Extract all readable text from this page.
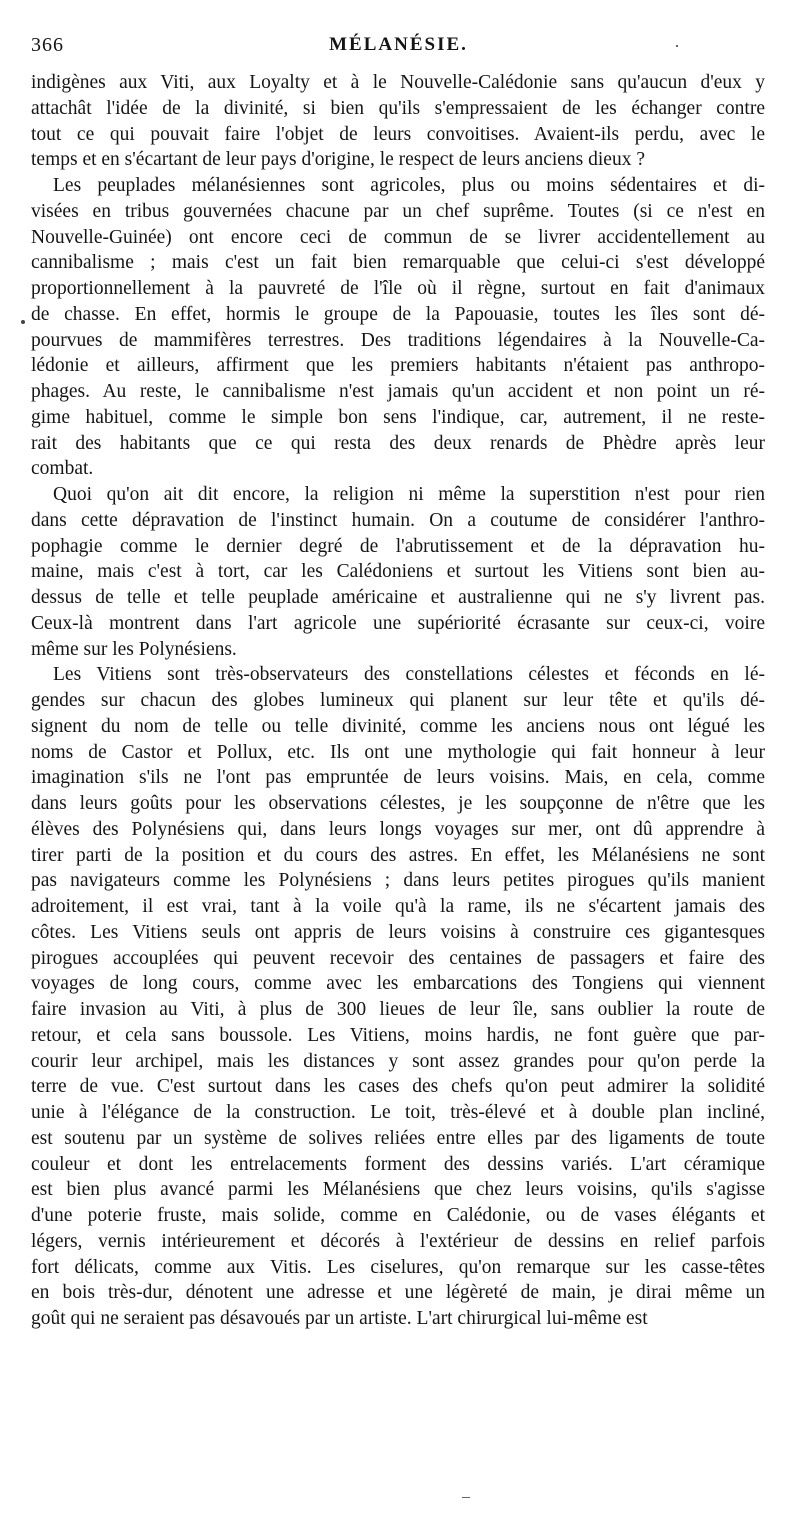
366	MÉLANÉSIE.

indigènes aux Viti, aux Loyalty et à le Nouvelle-Calédonie sans qu'aucun d'eux y
attachât l'idée de la divinité, si bien qu'ils s'empressaient de les échanger contre
tout ce qui pouvait faire l'objet de leurs convoitises. Avaient-ils perdu, avec le
temps et en s'écartant de leur pays d'origine, le respect de leurs anciens dieux ?

Les peuplades mélanésiennes sont agricoles, plus ou moins sédentaires et di-
visées en tribus gouvernées chacune par un chef suprême. Toutes (si ce n'est en
Nouvelle-Guinée) ont encore ceci de commun de se livrer accidentellement au
cannibalisme ; mais c'est un fait bien remarquable que celui-ci s'est développé
proportionnellement à la pauvreté de l'île où il règne, surtout en fait d'animaux
de chasse. En effet, hormis le groupe de la Papouasie, toutes les îles sont dé-
pourvues de mammifères terrestres. Des traditions légendaires à la Nouvelle-Ca-
lédonie et ailleurs, affirment que les premiers habitants n'étaient pas anthropo-
phages. Au reste, le cannibalisme n'est jamais qu'un accident et non point un ré-
gime habituel, comme le simple bon sens l'indique, car, autrement, il ne reste-
rait des habitants que ce qui resta des deux renards de Phèdre après leur
combat.

Quoi qu'on ait dit encore, la religion ni même la superstition n'est pour rien
dans cette dépravation de l'instinct humain. On a coutume de considérer l'anthro-
pophagie comme le dernier degré de l'abrutissement et de la dépravation hu-
maine, mais c'est à tort, car les Calédoniens et surtout les Vitiens sont bien au-
dessus de telle et telle peuplade américaine et australienne qui ne s'y livrent pas.
Ceux-là montrent dans l'art agricole une supériorité écrasante sur ceux-ci, voire
même sur les Polynésiens.

Les Vitiens sont très-observateurs des constellations célestes et féconds en lé-
gendes sur chacun des globes lumineux qui planent sur leur tête et qu'ils dé-
signent du nom de telle ou telle divinité, comme les anciens nous ont légué les
noms de Castor et Pollux, etc. Ils ont une mythologie qui fait honneur à leur
imagination s'ils ne l'ont pas empruntée de leurs voisins. Mais, en cela, comme
dans leurs goûts pour les observations célestes, je les soupçonne de n'être que les
élèves des Polynésiens qui, dans leurs longs voyages sur mer, ont dû apprendre à
tirer parti de la position et du cours des astres. En effet, les Mélanésiens ne sont
pas navigateurs comme les Polynésiens ; dans leurs petites pirogues qu'ils manient
adroitement, il est vrai, tant à la voile qu'à la rame, ils ne s'écartent jamais des
côtes. Les Vitiens seuls ont appris de leurs voisins à construire ces gigantesques
pirogues accouplées qui peuvent recevoir des centaines de passagers et faire des
voyages de long cours, comme avec les embarcations des Tongiens qui viennent
faire invasion au Viti, à plus de 300 lieues de leur île, sans oublier la route de
retour, et cela sans boussole. Les Vitiens, moins hardis, ne font guère que par-
courir leur archipel, mais les distances y sont assez grandes pour qu'on perde la
terre de vue. C'est surtout dans les cases des chefs qu'on peut admirer la solidité
unie à l'élégance de la construction. Le toit, très-élevé et à double plan incliné,
est soutenu par un système de solives reliées entre elles par des ligaments de toute
couleur et dont les entrelacements forment des dessins variés. L'art céramique
est bien plus avancé parmi les Mélanésiens que chez leurs voisins, qu'ils s'agisse
d'une poterie fruste, mais solide, comme en Calédonie, ou de vases élégants et
légers, vernis intérieurement et décorés à l'extérieur de dessins en relief parfois
fort délicats, comme aux Vitis. Les ciselures, qu'on remarque sur les casse-têtes
en bois très-dur, dénotent une adresse et une légèreté de main, je dirai même un
goût qui ne seraient pas désavoués par un artiste. L'art chirurgical lui-même est
